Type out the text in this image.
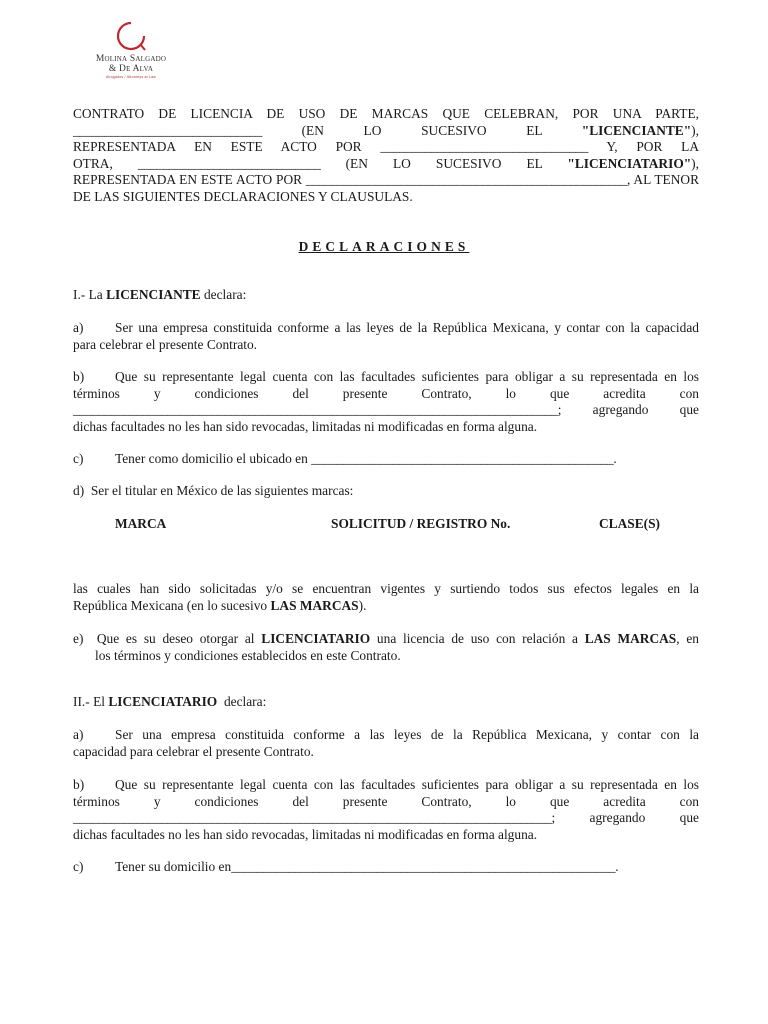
Molina Salgado
& De Alva
Abogados / Attorneys at Law
CONTRATO DE LICENCIA DE USO DE MARCAS QUE CELEBRAN, POR UNA PARTE,
______________________________	(EN LO SUCESIVO EL	"LICENCIANTE"),
REPRESENTADA EN ESTE ACTO POR _________________________________ Y, POR LA
OTRA, _____________________________ (EN LO SUCESIVO EL "LICENCIATARIO"),
REPRESENTADA EN ESTE ACTO POR ___________________________________________________, AL TENOR
DE LAS SIGUIENTES DECLARACIONES Y CLAUSULAS.
DECLARACIONES
I.- La LICENCIANTE declara:
a) Ser una empresa constituida conforme a las leyes de la República Mexicana, y contar con la capacidad
para celebrar el presente Contrato.
b) Que su representante legal cuenta con las facultades suficientes para obligar a su representada en los
términos y condiciones del presente Contrato, lo que acredita con
_____________________________________________________________________________; agregando que
dichas facultades no les han sido revocadas, limitadas ni modificadas en forma alguna.
c) Tener como domicilio el ubicado en ________________________________________________.
d) Ser el titular en México de las siguientes marcas:
MARCA	SOLICITUD / REGISTRO No.	CLASE(S)
las cuales han sido solicitadas y/o se encuentran vigentes y surtiendo todos sus efectos legales en la
República Mexicana (en lo sucesivo LAS MARCAS).
e) Que es su deseo otorgar al LICENCIATARIO una licencia de uso con relación a LAS MARCAS, en
los términos y condiciones establecidos en este Contrato.
II.- El LICENCIATARIO declara:
a) Ser una empresa constituida conforme a las leyes de la República Mexicana, y contar con la
capacidad para celebrar el presente Contrato.
b) Que su representante legal cuenta con las facultades suficientes para obligar a su representada en los
términos y condiciones del presente Contrato, lo que acredita con
____________________________________________________________________________; agregando que
dichas facultades no les han sido revocadas, limitadas ni modificadas en forma alguna.
c) Tener su domicilio en_____________________________________________________________.
